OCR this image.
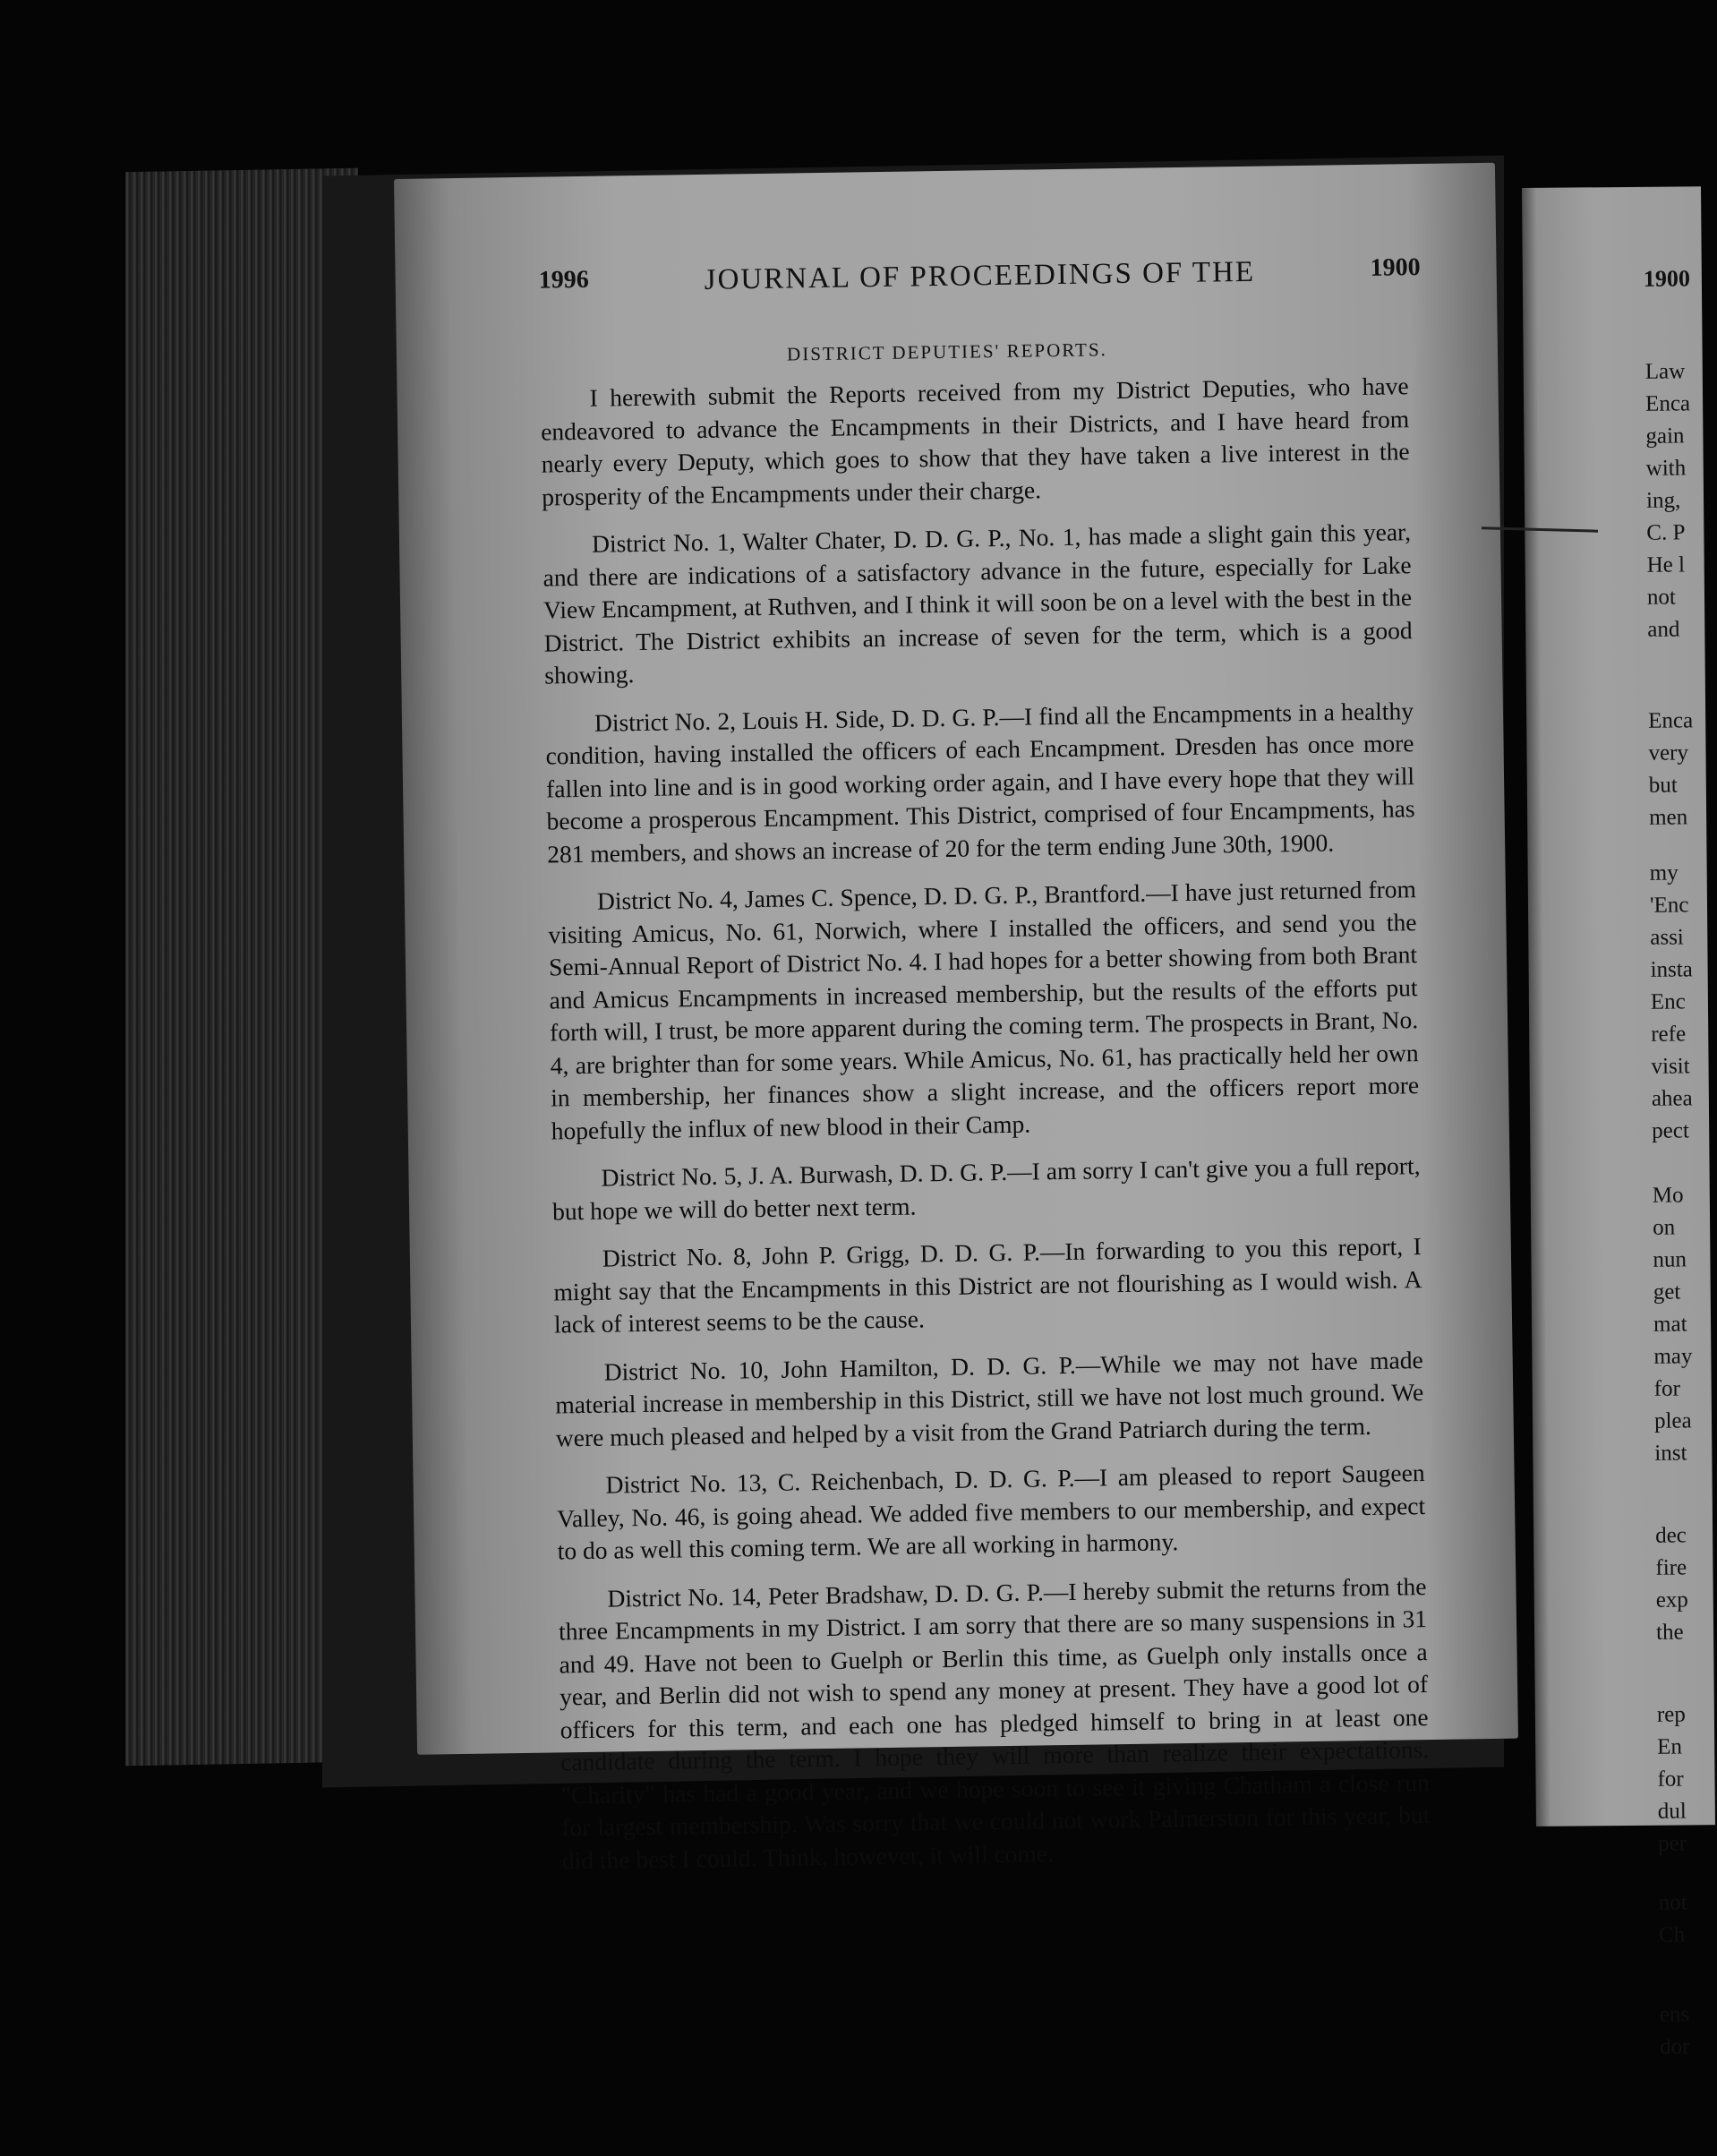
1996	JOURNAL OF PROCEEDINGS OF THE	1900
DISTRICT DEPUTIES' REPORTS.

I herewith submit the Reports received from my District Deputies, who have endeavored to advance the Encampments in their Districts, and I have heard from nearly every Deputy, which goes to show that they have taken a live interest in the prosperity of the Encampments under their charge.

District No. 1, Walter Chater, D. D. G. P., No. 1, has made a slight gain this year, and there are indications of a satisfactory advance in the future, especially for Lake View Encampment, at Ruthven, and I think it will soon be on a level with the best in the District. The District exhibits an increase of seven for the term, which is a good showing.

District No. 2, Louis H. Side, D. D. G. P.—I find all the Encampments in a healthy condition, having installed the officers of each Encampment. Dresden has once more fallen into line and is in good working order again, and I have every hope that they will become a prosperous Encampment. This District, comprised of four Encampments, has 281 members, and shows an increase of 20 for the term ending June 30th, 1900.

District No. 4, James C. Spence, D. D. G. P., Brantford.—I have just returned from visiting Amicus, No. 61, Norwich, where I installed the officers, and send you the Semi-Annual Report of District No. 4. I had hopes for a better showing from both Brant and Amicus Encampments in increased membership, but the results of the efforts put forth will, I trust, be more apparent during the coming term. The prospects in Brant, No. 4, are brighter than for some years. While Amicus, No. 61, has practically held her own in membership, her finances show a slight increase, and the officers report more hopefully the influx of new blood in their Camp.

District No. 5, J. A. Burwash, D. D. G. P.—I am sorry I can't give you a full report, but hope we will do better next term.

District No. 8, John P. Grigg, D. D. G. P.—In forwarding to you this report, I might say that the Encampments in this District are not flourishing as I would wish. A lack of interest seems to be the cause.

District No. 10, John Hamilton, D. D. G. P.—While we may not have made material increase in membership in this District, still we have not lost much ground. We were much pleased and helped by a visit from the Grand Patriarch during the term.

District No. 13, C. Reichenbach, D. D. G. P.—I am pleased to report Saugeen Valley, No. 46, is going ahead. We added five members to our membership, and expect to do as well this coming term. We are all working in harmony.

District No. 14, Peter Bradshaw, D. D. G. P.—I hereby submit the returns from the three Encampments in my District. I am sorry that there are so many suspensions in 31 and 49. Have not been to Guelph or Berlin this time, as Guelph only installs once a year, and Berlin did not wish to spend any money at present. They have a good lot of officers for this term, and each one has pledged himself to bring in at least one candidate during the term. I hope they will more than realize their expectations. "Charity" has had a good year, and we hope soon to see it giving Chatham a close run for largest membership. Was sorry that we could not work Palmerston for this year, but did the best I could. Think, however, it will come.

1900
Law
Enca
gain
with
ing,
C. P
He l
not
and
Enca
very
but
men
my
'Enc
assi
insta
Enc
refe
visit
ahea
pect
Mo
on
nun
get
mat
may
for
plea
inst
dec
fire
exp
the
rep
En
for
dul
per
not
Ch
ens
dor
